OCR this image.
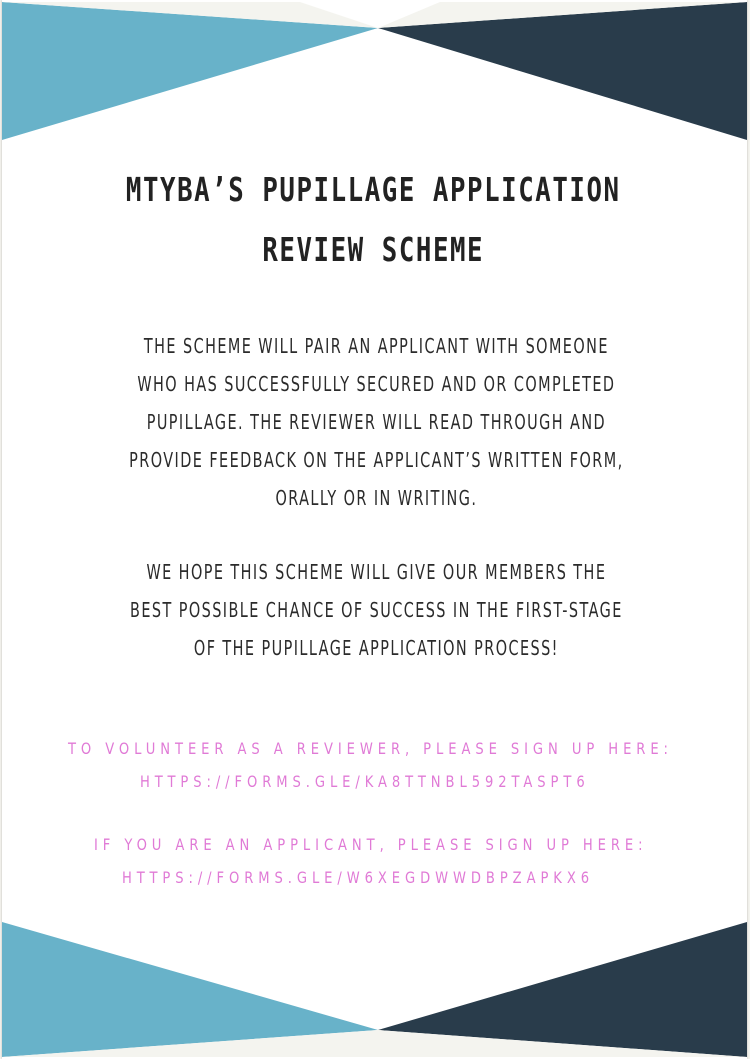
MTYBA’S PUPILLAGE APPLICATION
REVIEW SCHEME
THE SCHEME WILL PAIR AN APPLICANT WITH SOMEONE
WHO HAS SUCCESSFULLY SECURED AND OR COMPLETED
PUPILLAGE. THE REVIEWER WILL READ THROUGH AND
PROVIDE FEEDBACK ON THE APPLICANT’S WRITTEN FORM,
ORALLY OR IN WRITING.
WE HOPE THIS SCHEME WILL GIVE OUR MEMBERS THE
BEST POSSIBLE CHANCE OF SUCCESS IN THE FIRST-STAGE
OF THE PUPILLAGE APPLICATION PROCESS!
TO VOLUNTEER AS A REVIEWER, PLEASE SIGN UP HERE:
HTTPS://FORMS.GLE/KA8TTNBL592TASPT6
IF YOU ARE AN APPLICANT, PLEASE SIGN UP HERE:
HTTPS://FORMS.GLE/W6XEGDWWDBPZAPKX6
